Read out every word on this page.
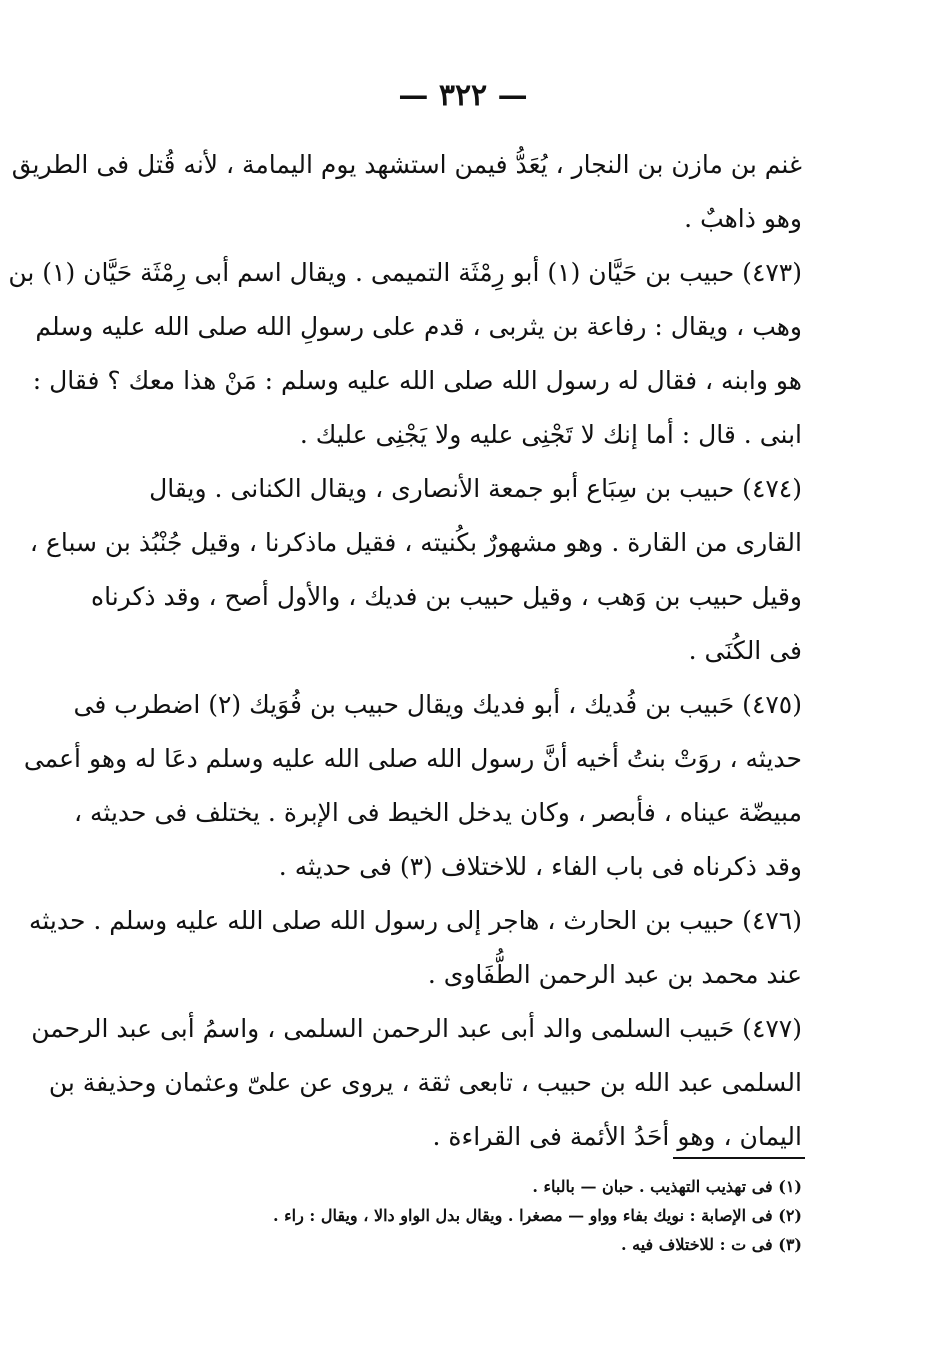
— ٣٢٢ —
غنم بن مازن بن النجار ، يُعَدُّ فيمن استشهد يوم اليمامة ، لأنه قُتل فى الطريق
وهو ذاهبٌ .
(٤٧٣) حبيب بن حَيَّان (١) أبو رِمْثَة التميمى . ويقال اسم أبى رِمْثَة حَيَّان (١) بن
وهب ، ويقال : رفاعة بن يثربى ، قدم على رسولِ الله صلى الله عليه وسلم
هو وابنه ، فقال له رسول الله صلى الله عليه وسلم : مَنْ هذا معك ؟ فقال :
ابنى . قال : أما إنك لا تَجْنِى عليه ولا يَجْنِى عليك .
(٤٧٤) حبيب بن سِبَاع أبو جمعة الأنصارى ، ويقال الكنانى . ويقال
القارى من القارة . وهو مشهورٌ بكُنيته ، فقيل ماذكرنا ، وقيل جُنْبُذ بن سباع ،
وقيل حبيب بن وَهب ، وقيل حبيب بن فديك ، والأول أصح ، وقد ذكرناه
فى الكُنَى .
(٤٧٥) حَبيب بن فُديك ، أبو فديك ويقال حبيب بن فُوَيك (٢) اضطرب فى
حديثه ، روَتْ بنتُ أخيه أنَّ رسول الله صلى الله عليه وسلم دعَا له وهو أعمى
مبيضّة عيناه ، فأبصر ، وكان يدخل الخيط فى الإبرة . يختلف فى حديثه ،
وقد ذكرناه فى باب الفاء ، للاختلاف (٣) فى حديثه .
(٤٧٦) حبيب بن الحارث ، هاجر إلى رسول الله صلى الله عليه وسلم . حديثه
عند محمد بن عبد الرحمن الطُّفَاوى .
(٤٧٧) حَبيب السلمى والد أبى عبد الرحمن السلمى ، واسمُ أبى عبد الرحمن
السلمى عبد الله بن حبيب ، تابعى ثقة ، يروى عن علىّ وعثمان وحذيفة بن
اليمان ، وهو أحَدُ الأئمة فى القراءة .
(١) فى تهذيب التهذيب . حبان — بالباء .
(٢) فى الإصابة : نويك بفاء وواو — مصغرا . ويقال بدل الواو دالا ، ويقال : راء .
(٣) فى ت : للاختلاف فيه .
